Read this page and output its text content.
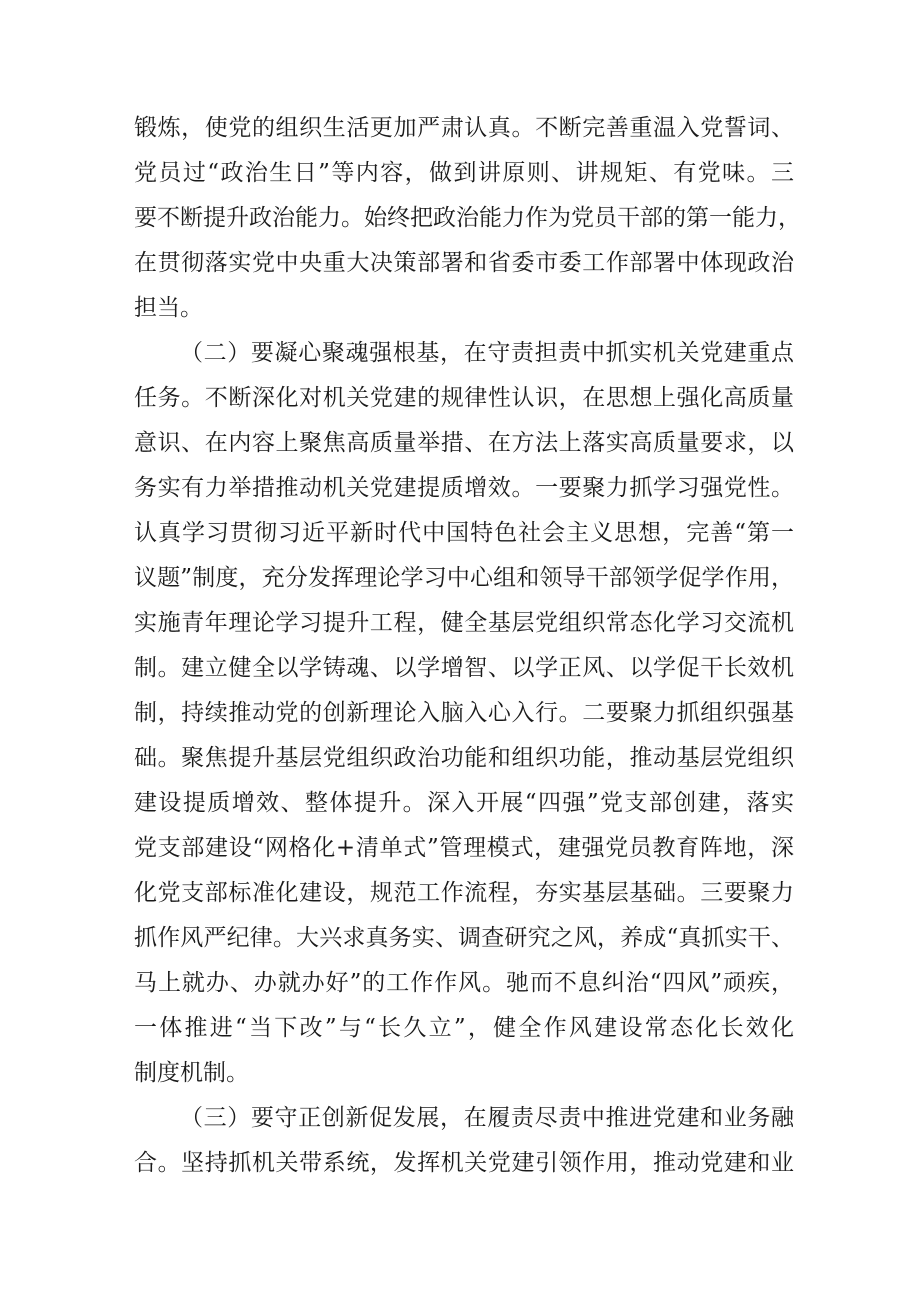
锻炼，使党的组织生活更加严肃认真。不断完善重温入党誓词、
党员过“政治生日”等内容，做到讲原则、讲规矩、有党味。三
要不断提升政治能力。始终把政治能力作为党员干部的第一能力，
在贯彻落实党中央重大决策部署和省委市委工作部署中体现政治
担当。
（二）要凝心聚魂强根基，在守责担责中抓实机关党建重点
任务。不断深化对机关党建的规律性认识，在思想上强化高质量
意识、在内容上聚焦高质量举措、在方法上落实高质量要求，以
务实有力举措推动机关党建提质增效。一要聚力抓学习强党性。
认真学习贯彻习近平新时代中国特色社会主义思想，完善“第一
议题”制度，充分发挥理论学习中心组和领导干部领学促学作用，
实施青年理论学习提升工程，健全基层党组织常态化学习交流机
制。建立健全以学铸魂、以学增智、以学正风、以学促干长效机
制，持续推动党的创新理论入脑入心入行。二要聚力抓组织强基
础。聚焦提升基层党组织政治功能和组织功能，推动基层党组织
建设提质增效、整体提升。深入开展“四强”党支部创建，落实
党支部建设“网格化+清单式”管理模式，建强党员教育阵地，深
化党支部标准化建设，规范工作流程，夯实基层基础。三要聚力
抓作风严纪律。大兴求真务实、调查研究之风，养成“真抓实干、
马上就办、办就办好”的工作作风。驰而不息纠治“四风”顽疾，
一体推进“当下改”与“长久立”，健全作风建设常态化长效化
制度机制。
（三）要守正创新促发展，在履责尽责中推进党建和业务融
合。坚持抓机关带系统，发挥机关党建引领作用，推动党建和业
